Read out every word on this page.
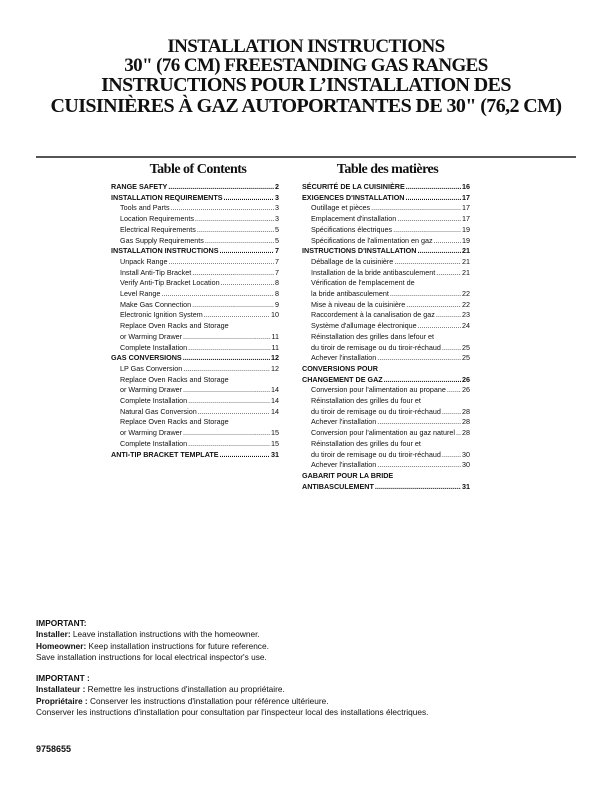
INSTALLATION INSTRUCTIONS
30" (76 CM) FREESTANDING GAS RANGES
INSTRUCTIONS POUR L’INSTALLATION DES
CUISINIÈRES À GAZ AUTOPORTANTES DE 30" (76,2 CM)
Table of Contents	Table des matières
RANGE SAFETY .....	2
INSTALLATION REQUIREMENTS .....	3
Tools and Parts .....	3
Location Requirements .....	3
Electrical Requirements .....	5
Gas Supply Requirements .....	5
INSTALLATION INSTRUCTIONS .....	7
Unpack Range .....	7
Install Anti-Tip Bracket .....	7
Verify Anti-Tip Bracket Location .....	8
Level Range .....	8
Make Gas Connection .....	9
Electronic Ignition System .....	10
Replace Oven Racks and Storage
or Warming Drawer .....	11
Complete Installation .....	11
GAS CONVERSIONS .....	12
LP Gas Conversion .....	12
Replace Oven Racks and Storage
or Warming Drawer .....	14
Complete Installation .....	14
Natural Gas Conversion .....	14
Replace Oven Racks and Storage
or Warming Drawer .....	15
Complete Installation .....	15
ANTI-TIP BRACKET TEMPLATE .....	31
SÉCURITÉ DE LA CUISINIÈRE .....	16
EXIGENCES D'INSTALLATION .....	17
Outillage et pièces .....	17
Emplacement d'installation .....	17
Spécifications électriques .....	19
Spécifications de l'alimentation en gaz .....	19
INSTRUCTIONS D'INSTALLATION .....	21
Déballage de la cuisinière .....	21
Installation de la bride antibasculement .....	21
Vérification de l'emplacement de
la bride antibasculement .....	22
Mise à niveau de la cuisinière .....	22
Raccordement à la canalisation de gaz .....	23
Système d'allumage électronique .....	24
Réinstallation des grilles dans lefour et
du tiroir de remisage ou du tiroir-réchaud .....	25
Achever l'installation .....	25
CONVERSIONS POUR
CHANGEMENT DE GAZ .....	26
Conversion pour l'alimentation au propane ..... 26
Réinstallation des grilles du four et
du tiroir de remisage ou du tiroir-réchaud .....	28
Achever l'installation .....	28
Conversion pour l'alimentation au gaz naturel ..... 28
Réinstallation des grilles du four et
du tiroir de remisage ou du tiroir-réchaud .....	30
Achever l'installation .....	30
GABARIT POUR LA BRIDE
ANTIBASCULEMENT .....	31
IMPORTANT:
Installer: Leave installation instructions with the homeowner.
Homeowner: Keep installation instructions for future reference.
Save installation instructions for local electrical inspector's use.
IMPORTANT :
Installateur : Remettre les instructions d'installation au propriétaire.
Propriétaire : Conserver les instructions d'installation pour référence ultérieure.
Conserver les instructions d'installation pour consultation par l'inspecteur local des installations électriques.
9758655
